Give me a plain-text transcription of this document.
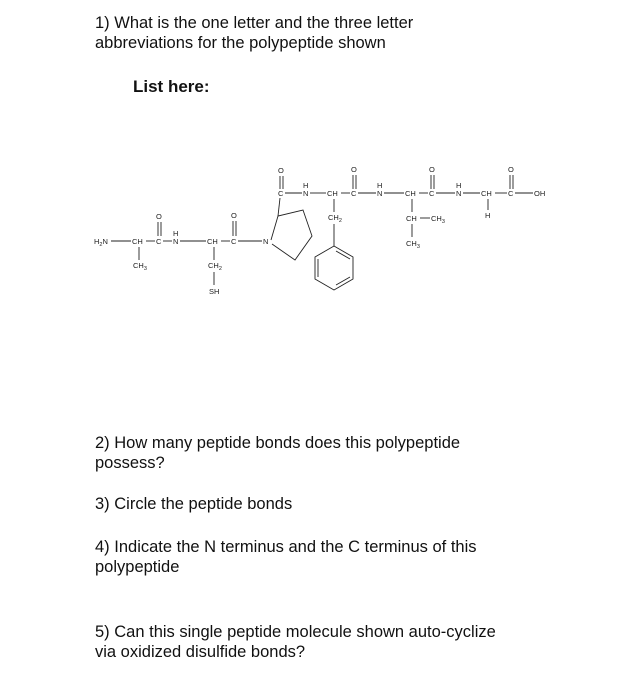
1) What is the one letter and the three letter
abbreviations for the polypeptide shown

List here:

$H_2N$	CH C
O
H
N	CH C
O
N
$CH_3$	$CH_2$
SH
C
O
H
N CH C
O
H
N	CH C
O
H
N	CH C
O
OH
$CH_2$	CH $CH_3$
$CH_3$
H

2) How many peptide bonds does this polypeptide
possess?

3) Circle the peptide bonds

4) Indicate the N terminus and the C terminus of this
polypeptide

5) Can this single peptide molecule shown auto-cyclize
via oxidized disulfide bonds?
